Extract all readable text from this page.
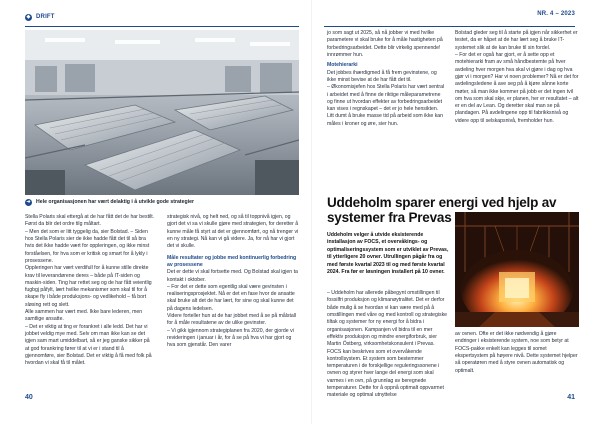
◆ DRIFT	NR. 4 – 2023
➜ Hele organisasjonen har vært delaktig i å utvikle gode strategier

Stella Polaris skal ettergå at de har fått det de har bestilt. Først da blir det ordre tilg måltart.

– Men det som er litt tyggelig da, sier Bolstad. – Siden hos Stella Polaris sier de ikke hadde fått det til så bra hvis det ikke hadde vært for oppleringen, og ikke minst forståelsen, for hva som er kritisk og smart for å lykly i prosessene.

Oppleringen har vært verdifull for å kunne stille direkte krav til leverandørene deres – både på IT-siden og maskin-siden. Ting har rettet seg og de har fått veientlig fugbgj påfylt, lært hvilke mekanismer som skal til for å skape fly i både produksjons- og vedlikehold – få bort sløsing rett og slett.

Alle sammen har vært med. Ikke bare lederen, men samtlige ansatte.

– Det er viktig at ting er forankret i alle ledd. Det har vi jobbet veldig mye med. Selv om man ikke kan se det igjen sam mart umiddelbart, så er jeg ganske sikker på at god forankring fører til at vi er i stand til å gjennomføre, sier Bolstad. Det er viktig å få med folk på hvordan vi skal få til målet.

strategisk nivå, og helt ned, og så til toppnivå igjen, og gjort det vi sa vi skulle gjøre med strategien, for deretter å kunne måle få styrt at det er gjennomført, og nå trenger vi en ny strategi. Nå kan vi gå videre. Ja, for nå har vi gjort det vi skulle.

Måle resultater og jobbe med kontinuerlig forbedring av prosessene

Det er dette vi skal fortsette med. Og Bolstad skal igjen ta kontakt i oktober.

– For det er dette som egentlig skal være gevinsten i realiseringsprosjektet. Nå er det en fase hvor de ansatte skal bruke alt det de har lært, for sine og skal kunne det på dagens ledelsen.

Videre forteller hun at de har jobbet med å se på målstall for å måle resultatene av de ulike gevinster.

– Vi gikk igjennom strategiplanen fra 2020, der gjorde vi revideringen i januar i år, for å se på hva vi har gjort og hva som gjenstår. Den varer

40

jo som sagt ut 2025, så nå jobber vi med hvilke parametere vi skal bruke for å måle hastigheten på forbedringsarbeidet. Dette blir virkelig spennende! innrømmer hun.

Motehierarki

Det jobbes ihærdigmed å få frem gevinstene, og ikke minst bevise at de har fått det til.

– Økonomisjefen hos Stella Polaris har vært sentral i arbeidet med å finne de riktige måleparametrene og finne ut hvordan effekter av forbedringsarbeidet kan vises i regnskapet – det er jo hele hensikten. Litt dumt å bruke masse tid på arbeid som ikke kan måles i kroner og øre, sier hun.

Bolstad gleder seg til å starte på igjen når sikkerhet er testet, da er håpet at de har lært seg å bruke IT-systemet slik at de kan bruke til sin fordel.

– For det er også har gjort, er å sette opp et motehierarki fram av små håndbestemte på hver avdeling hver morgen hva skal vi gjøre i dag og hva gjør vi i morgen? Har vi noen problemer? Nå er det for avdelingsledene å ave seg på å kjøre sånne korte møter, så man ikke kommer på jobb er det ingen tvil om hva som skal skje, er planen, her er resultatet – alt er en del av Lean. Og deretter skal man se på plandagen. På avdelingene opp til fabrikksnivå og videre opp til selskapsnivå, fremholder hun.

Uddeholm sparer energi ved hjelp av systemer fra Prevas
Uddeholm velger å utvide eksisterende installasjon av FOCS, et overvåkings- og optimaliseringssystem som er utviklet av Prevas, til ytterligere 20 ovner. Utrullingen pågår fra og med første kvartal 2023 til og med første kvartal 2024. Fra før er løsningen installert på 10 ovner.

– Uddeholm har allerede påbegynt omstillingen til fossilfri produksjon og klimanøytralitet. Det er derfor både mulig å se hvordan vi kan være med på å omstillingen med våre og med kontroll og strategiske tiltak og systemer for ny energi for å bidra i organisasjonen. Kampanjen vil bidra til en mer effektiv produksjon og mindre energiforbruk, sier Martin Östberg, virksomhetskonsulent i Prevas.

FOCS kan beskrives som et overvåkende kontrollsystem. Et system som bestemmer temperaturen i de forskjellige reguleringssonene i ovnen og styrer hver lange del energi som skal varmes i en ovn, på grunnlag av beregnede temperaturer. Dette for å oppnå optimalt oppvarmet materiale og optimal utnyttelse

av ovnen. Ofte er det ikke nødvendig å gjøre endringer i eksisterende system, noe som betyr at FOCS-pakke enkelt kan legges til somet ekspertsystem på høyere nivå. Dette systemet hjelper så operatøren med å styre ovnen automatisk og optimalt.

41
